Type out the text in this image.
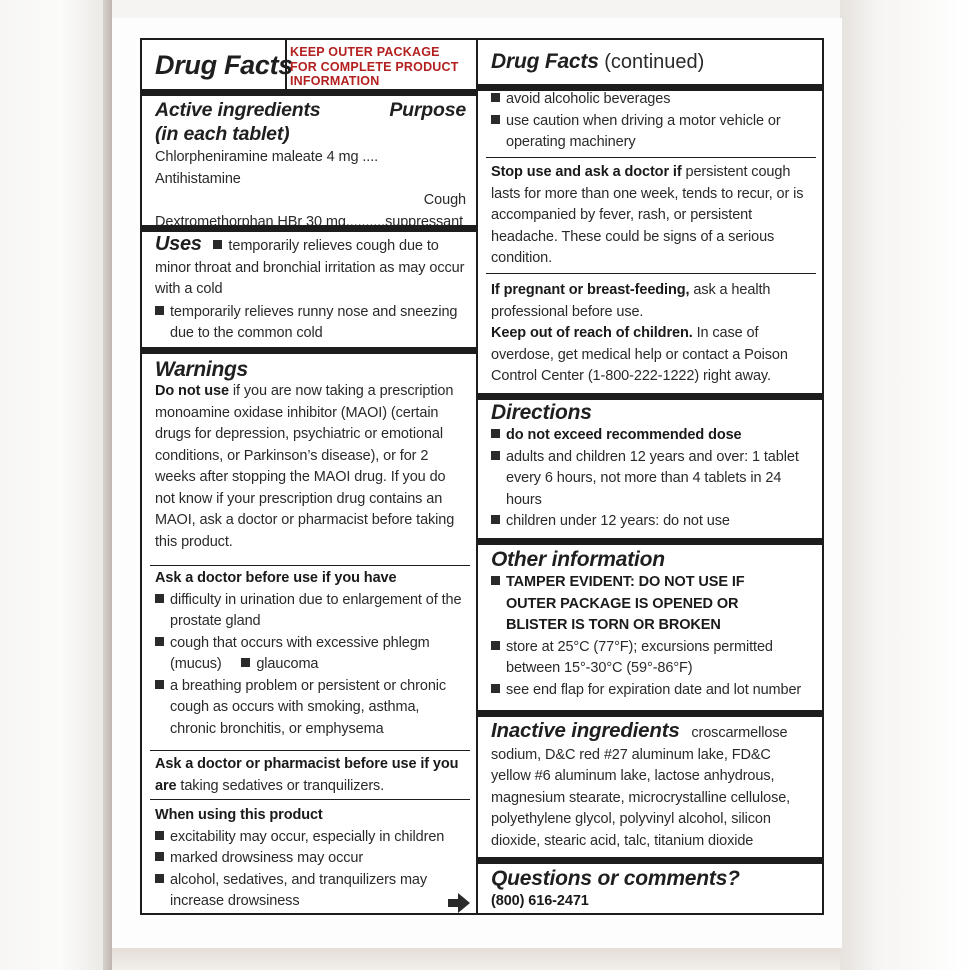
Drug Facts
KEEP OUTER PACKAGE
FOR COMPLETE PRODUCT
INFORMATION
Active ingredients
(in each tablet)
Purpose
Chlorpheniramine maleate 4 mg .... Antihistamine
Cough
Dextromethorphan HBr 30 mg..........suppressant
Uses temporarily relieves cough due to minor throat and bronchial irritation as may occur with a cold
temporarily relieves runny nose and sneezing due to the common cold
Warnings
Do not use if you are now taking a prescription monoamine oxidase inhibitor (MAOI) (certain drugs for depression, psychiatric or emotional conditions, or Parkinson’s disease), or for 2 weeks after stopping the MAOI drug. If you do not know if your prescription drug contains an MAOI, ask a doctor or pharmacist before taking this product.
Ask a doctor before use if you have
difficulty in urination due to enlargement of the prostate gland
cough that occurs with excessive phlegm (mucus) glaucoma
a breathing problem or persistent or chronic cough as occurs with smoking, asthma, chronic bronchitis, or emphysema
Ask a doctor or pharmacist before use if you are taking sedatives or tranquilizers.
When using this product
excitability may occur, especially in children
marked drowsiness may occur
alcohol, sedatives, and tranquilizers may increase drowsiness
Drug Facts (continued)
avoid alcoholic beverages
use caution when driving a motor vehicle or operating machinery
Stop use and ask a doctor if persistent cough lasts for more than one week, tends to recur, or is accompanied by fever, rash, or persistent headache. These could be signs of a serious condition.
If pregnant or breast-feeding, ask a health professional before use.
Keep out of reach of children. In case of overdose, get medical help or contact a Poison Control Center (1-800-222-1222) right away.
Directions
do not exceed recommended dose
adults and children 12 years and over: 1 tablet every 6 hours, not more than 4 tablets in 24 hours
children under 12 years: do not use
Other information
TAMPER EVIDENT: DO NOT USE IF OUTER PACKAGE IS OPENED OR BLISTER IS TORN OR BROKEN
store at 25°C (77°F); excursions permitted between 15°-30°C (59°-86°F)
see end flap for expiration date and lot number
Inactive ingredients croscarmellose sodium, D&C red #27 aluminum lake, FD&C yellow #6 aluminum lake, lactose anhydrous, magnesium stearate, microcrystalline cellulose, polyethylene glycol, polyvinyl alcohol, silicon dioxide, stearic acid, talc, titanium dioxide
Questions or comments?
(800) 616-2471
